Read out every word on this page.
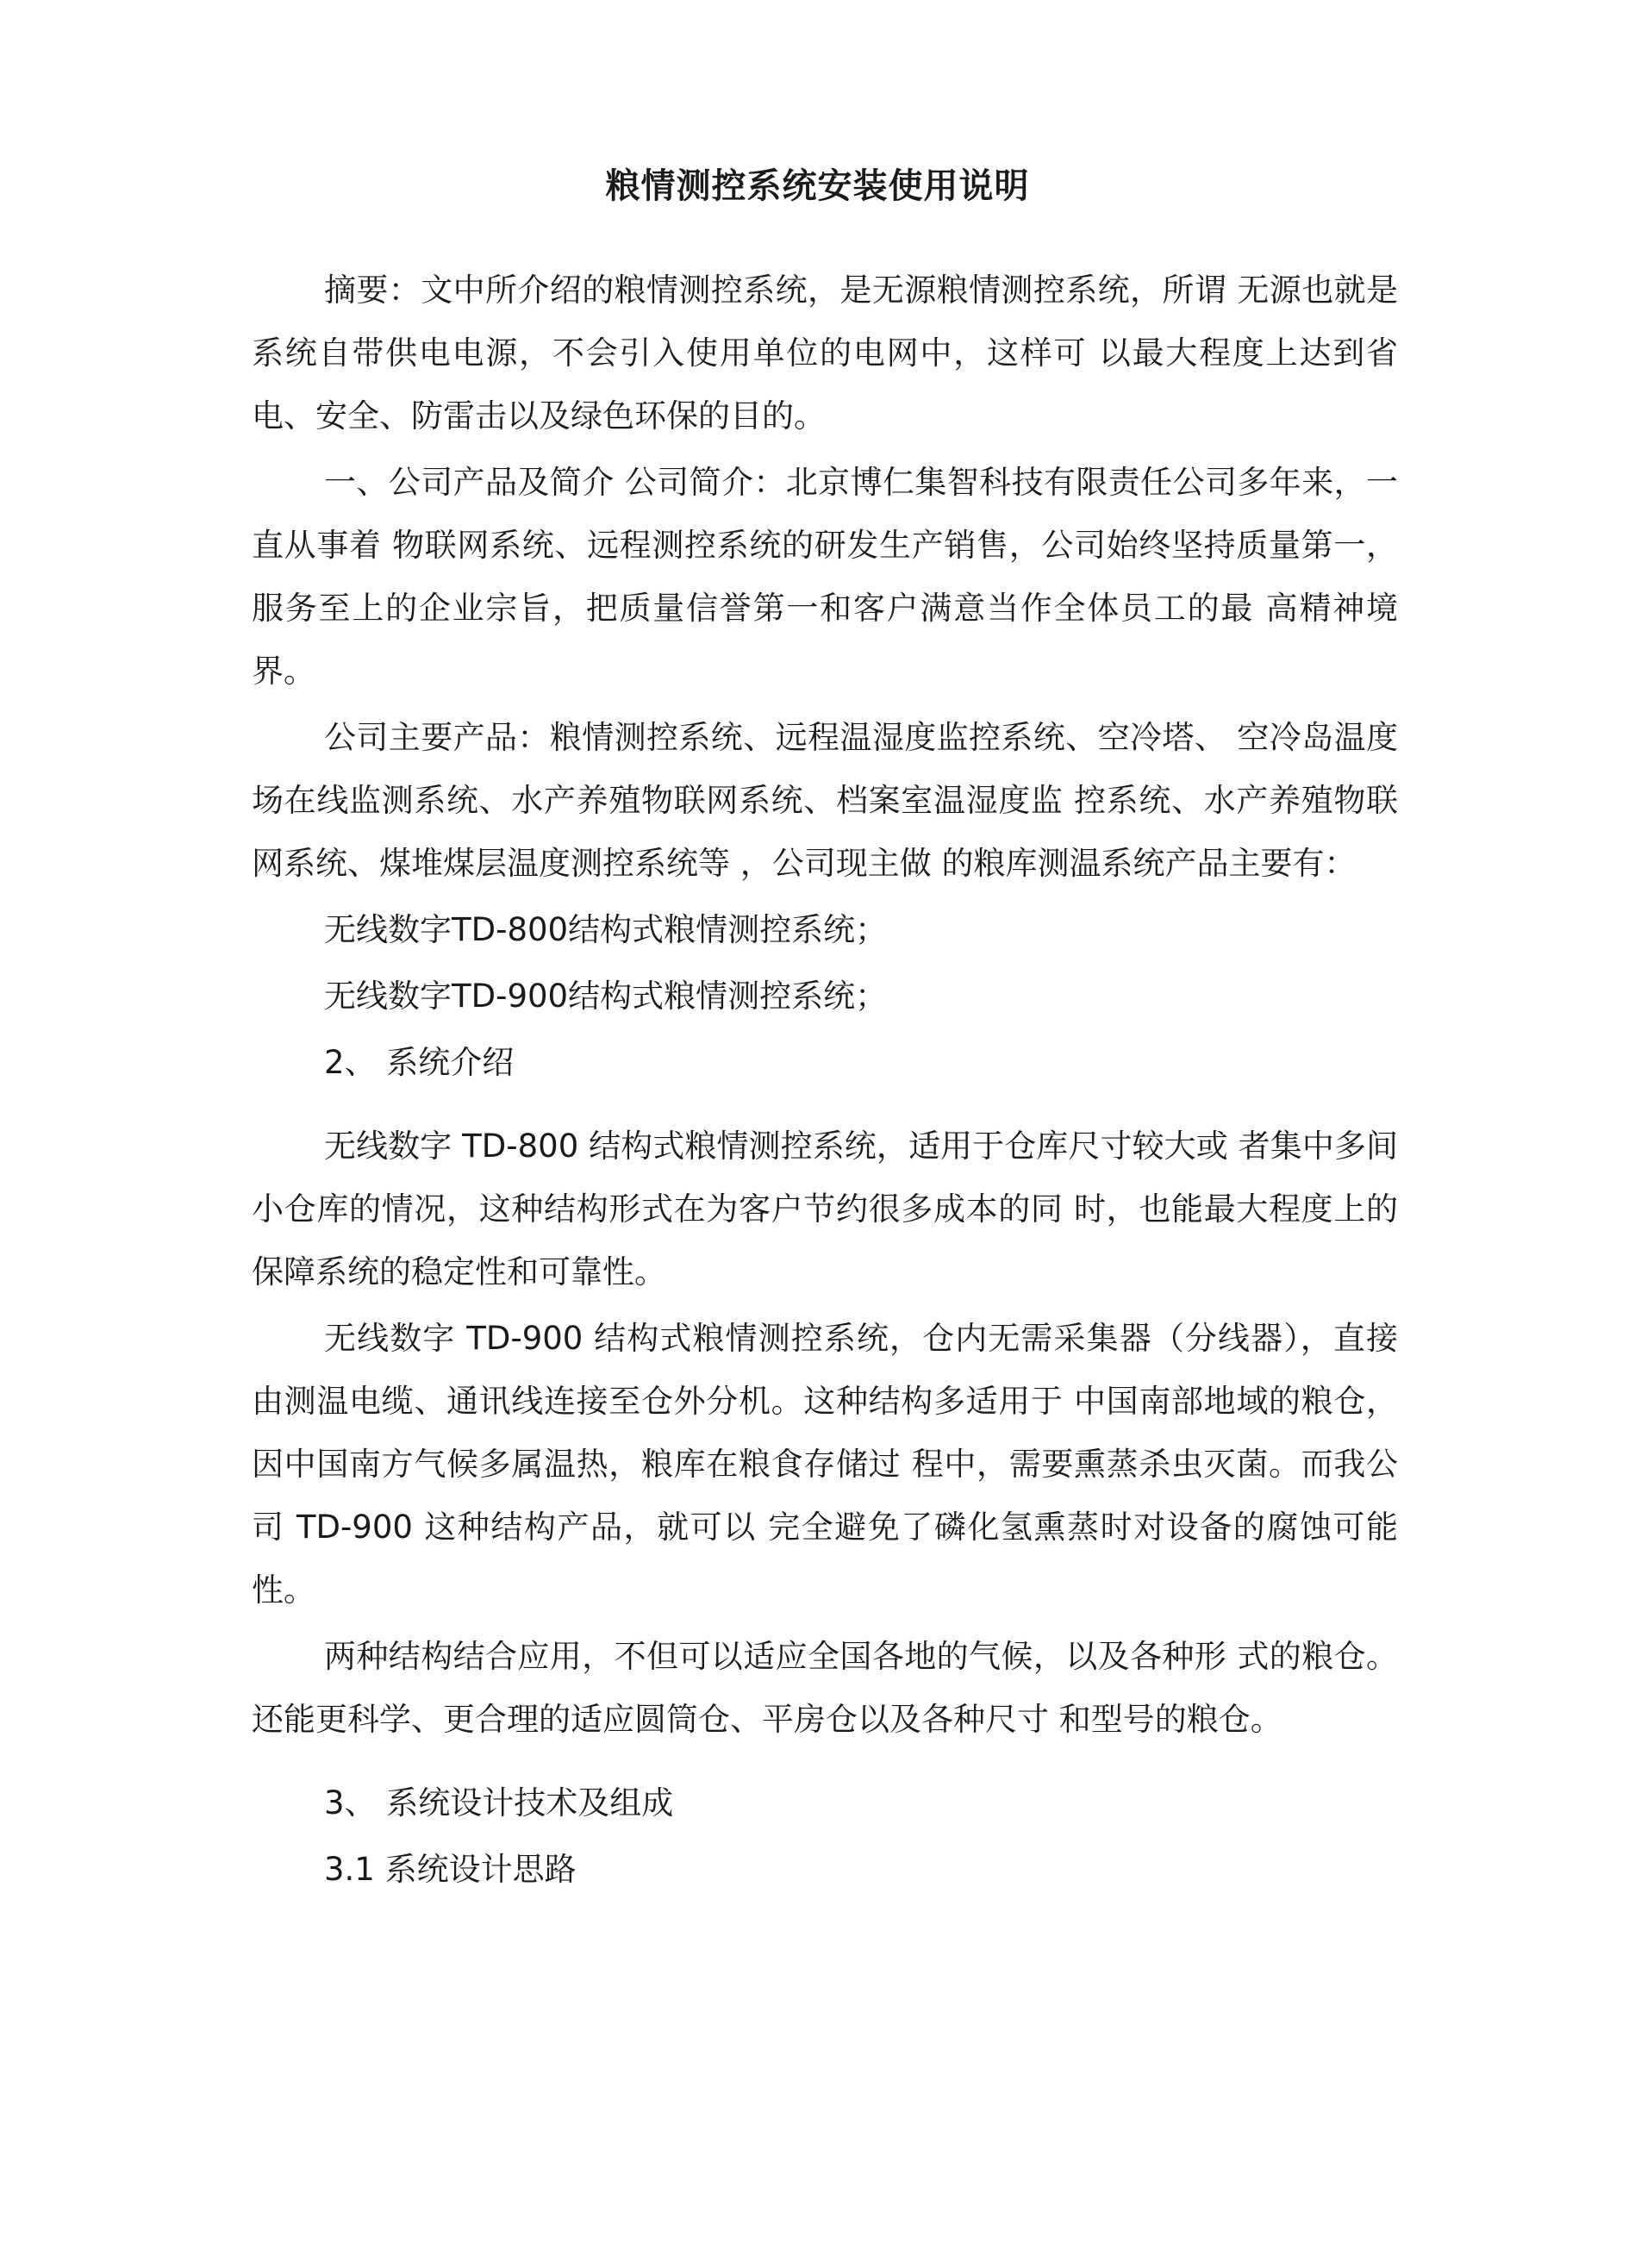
粮情测控系统安装使用说明

摘要：文中所介绍的粮情测控系统，是无源粮情测控系统，所谓 无源也就是系统自带供电电源，不会引入使用单位的电网中，这样可 以最大程度上达到省电、安全、防雷击以及绿色环保的目的。

一、公司产品及简介 公司简介：北京博仁集智科技有限责任公司多年来，一直从事着 物联网系统、远程测控系统的研发生产销售，公司始终坚持质量第一， 服务至上的企业宗旨，把质量信誉第一和客户满意当作全体员工的最 高精神境界。

公司主要产品：粮情测控系统、远程温湿度监控系统、空冷塔、 空冷岛温度场在线监测系统、水产养殖物联网系统、档案室温湿度监 控系统、水产养殖物联网系统、煤堆煤层温度测控系统等 ，公司现主做 的粮库测温系统产品主要有：

无线数字TD-800结构式粮情测控系统；

无线数字TD-900结构式粮情测控系统；

2、 系统介绍

无线数字 TD-800 结构式粮情测控系统，适用于仓库尺寸较大或 者集中多间小仓库的情况，这种结构形式在为客户节约很多成本的同 时，也能最大程度上的保障系统的稳定性和可靠性。

无线数字 TD-900 结构式粮情测控系统，仓内无需采集器（分线器），直接由测温电缆、通讯线连接至仓外分机。这种结构多适用于 中国南部地域的粮仓，因中国南方气候多属温热，粮库在粮食存储过 程中，需要熏蒸杀虫灭菌。而我公司 TD-900 这种结构产品，就可以 完全避免了磷化氢熏蒸时对设备的腐蚀可能性。

两种结构结合应用，不但可以适应全国各地的气候，以及各种形 式的粮仓。还能更科学、更合理的适应圆筒仓、平房仓以及各种尺寸 和型号的粮仓。

3、 系统设计技术及组成

3.1 系统设计思路
